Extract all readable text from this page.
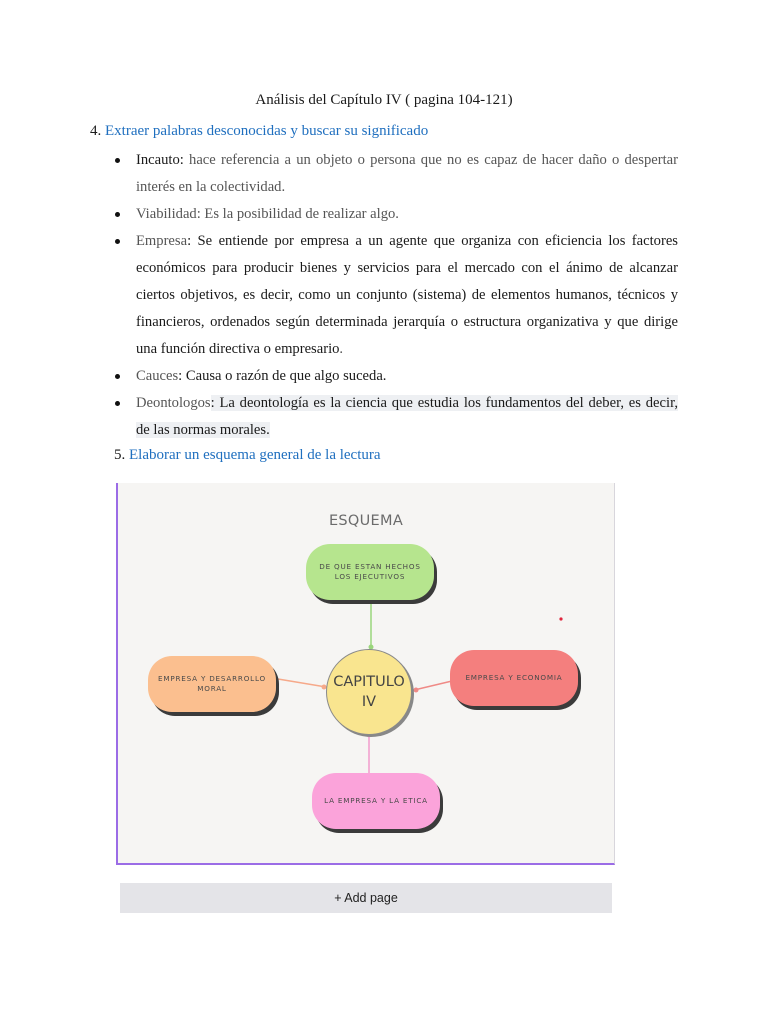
Análisis del Capítulo IV ( pagina 104-121)
4. Extraer palabras desconocidas y buscar su significado
Incauto: hace referencia a un objeto o persona que no es capaz de hacer daño o despertar interés en la colectividad.
Viabilidad: Es la posibilidad de realizar algo.
Empresa: Se entiende por empresa a un agente que organiza con eficiencia los factores económicos para producir bienes y servicios para el mercado con el ánimo de alcanzar ciertos objetivos, es decir, como un conjunto (sistema) de elementos humanos, técnicos y financieros, ordenados según determinada jerarquía o estructura organizativa y que dirige una función directiva o empresario.
Cauces: Causa o razón de que algo suceda.
Deontologos: La deontología es la ciencia que estudia los fundamentos del deber, es decir, de las normas morales.
5. Elaborar un esquema general de la lectura
ESQUEMA
DE QUE ESTAN HECHOS LOS EJECUTIVOS
EMPRESA Y DESARROLLO MORAL
EMPRESA Y ECONOMIA
LA EMPRESA Y LA ETICA
CAPITULO
IV
+ Add page
